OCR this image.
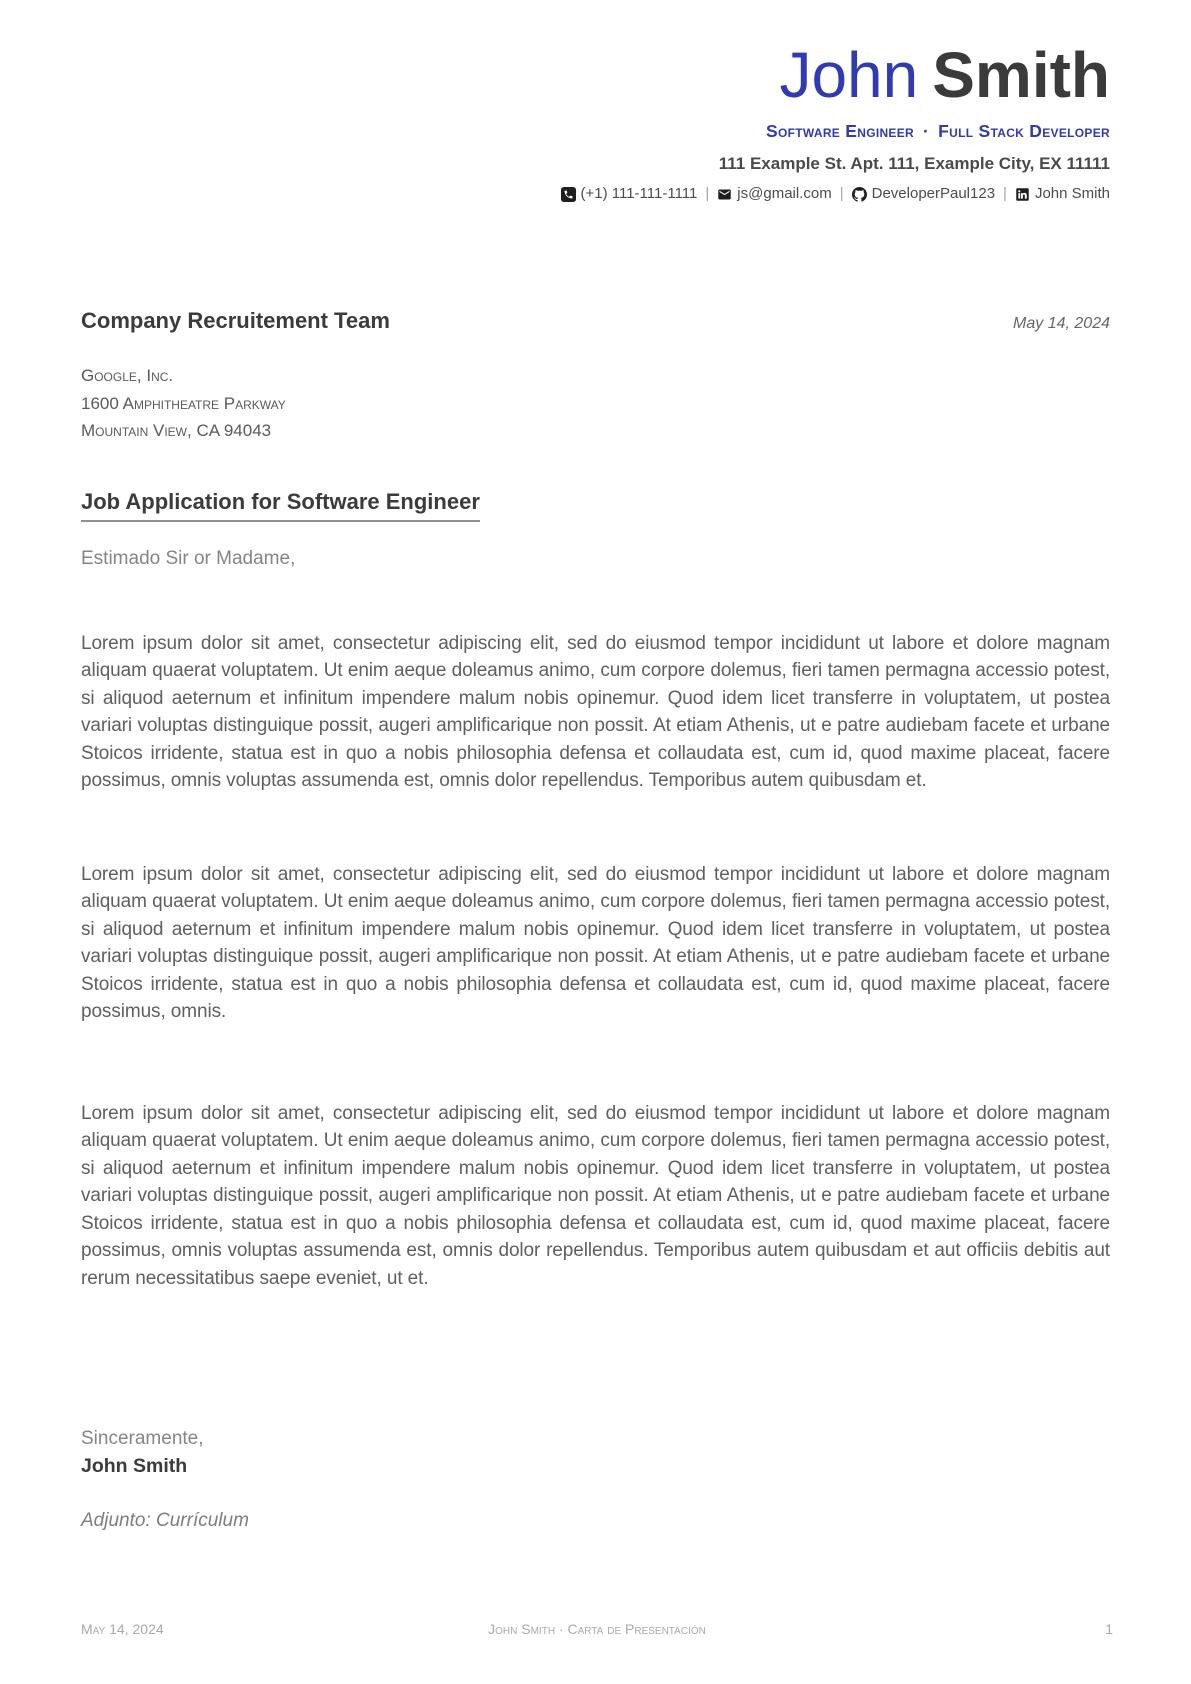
John Smith
Software Engineer · Full Stack Developer
111 Example St. Apt. 111, Example City, EX 11111
(+1) 111-111-1111 | js@gmail.com | DeveloperPaul123 | John Smith
Company Recruitement Team	May 14, 2024
Google, Inc.
1600 Amphitheatre Parkway
Mountain View, CA 94043
Job Application for Software Engineer
Estimado Sir or Madame,

Lorem ipsum dolor sit amet, consectetur adipiscing elit, sed do eiusmod tempor incididunt ut labore et dolore magnam aliquam quaerat voluptatem. Ut enim aeque doleamus animo, cum corpore dolemus, fieri tamen permagna accessio potest, si aliquod aeternum et infinitum impendere malum nobis opinemur. Quod idem licet transferre in voluptatem, ut postea variari voluptas distinguique possit, augeri amplificarique non possit. At etiam Athenis, ut e patre audiebam facete et urbane Stoicos irridente, statua est in quo a nobis philosophia defensa et collaudata est, cum id, quod maxime placeat, facere possimus, omnis voluptas assumenda est, omnis dolor repellendus. Temporibus autem quibusdam et.

Lorem ipsum dolor sit amet, consectetur adipiscing elit, sed do eiusmod tempor incididunt ut labore et dolore magnam aliquam quaerat voluptatem. Ut enim aeque doleamus animo, cum corpore dolemus, fieri tamen permagna accessio potest, si aliquod aeternum et infinitum impendere malum nobis opinemur. Quod idem licet transferre in voluptatem, ut postea variari voluptas distinguique possit, augeri amplificarique non possit. At etiam Athenis, ut e patre audiebam facete et urbane Stoicos irridente, statua est in quo a nobis philosophia defensa et collaudata est, cum id, quod maxime placeat, facere possimus, omnis.

Lorem ipsum dolor sit amet, consectetur adipiscing elit, sed do eiusmod tempor incididunt ut labore et dolore magnam aliquam quaerat voluptatem. Ut enim aeque doleamus animo, cum corpore dolemus, fieri tamen permagna accessio potest, si aliquod aeternum et infinitum impendere malum nobis opinemur. Quod idem licet transferre in voluptatem, ut postea variari voluptas distinguique possit, augeri amplificarique non possit. At etiam Athenis, ut e patre audiebam facete et urbane Stoicos irridente, statua est in quo a nobis philosophia defensa et collaudata est, cum id, quod maxime placeat, facere possimus, omnis voluptas assumenda est, omnis dolor repellendus. Temporibus autem quibusdam et aut officiis debitis aut rerum necessitatibus saepe eveniet, ut et.

Sinceramente,
John Smith
Adjunto: Currículum
May 14, 2024	John Smith · Carta de Presentación	1
